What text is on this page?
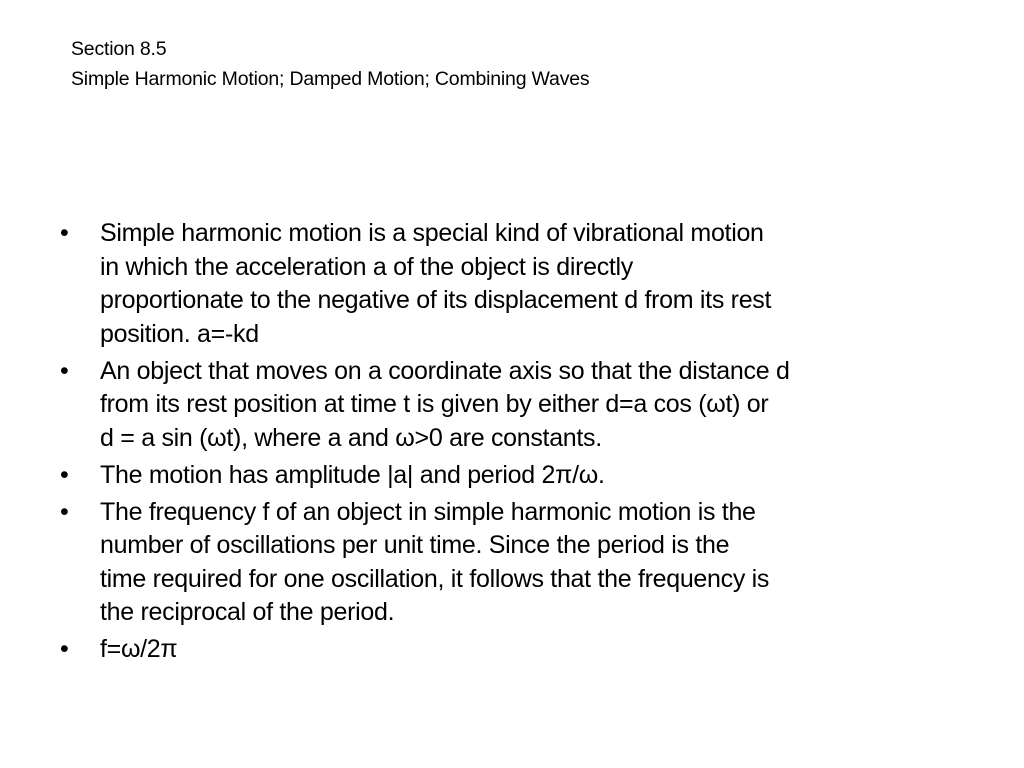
Section 8.5
Simple Harmonic Motion; Damped Motion; Combining Waves
•	Simple harmonic motion is a special kind of vibrational motion
in which the acceleration a of the object is directly
proportionate to the negative of its displacement d from its rest
position. a=-kd
•	An object that moves on a coordinate axis so that the distance d
from its rest position at time t is given by either d=a cos (ωt) or
d = a sin (ωt), where a and ω>0 are constants.
•	The motion has amplitude |a| and period 2π/ω.
•	The frequency f of an object in simple harmonic motion is the
number of oscillations per unit time. Since the period is the
time required for one oscillation, it follows that the frequency is
the reciprocal of the period.
•	f=ω/2π
